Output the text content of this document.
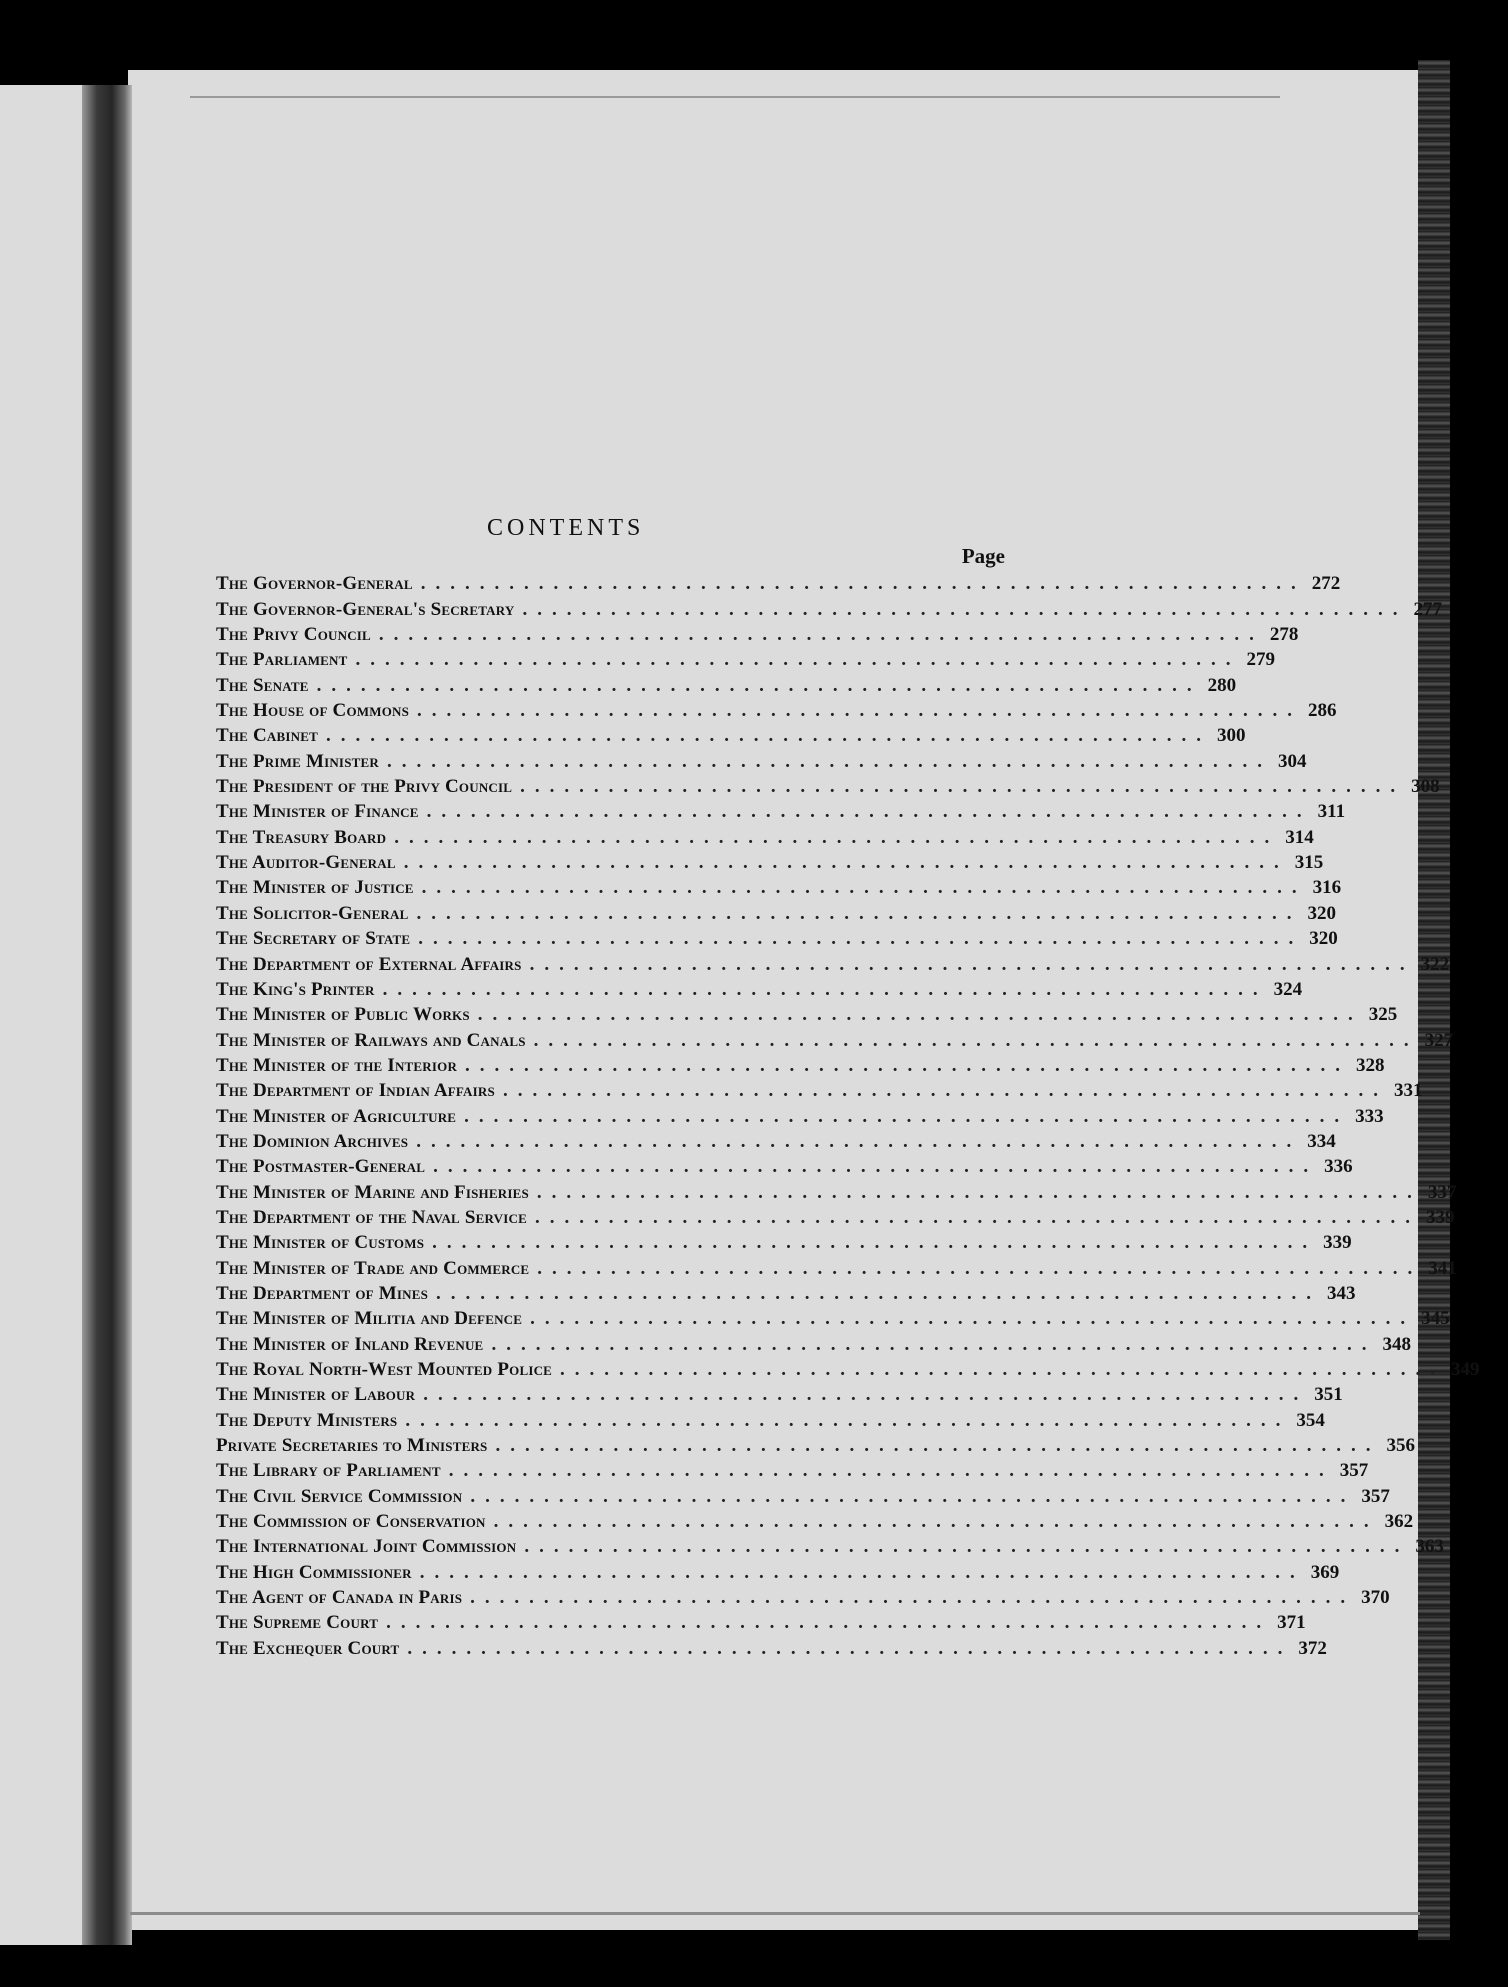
CONTENTS
Page
The Governor-General ............................................................ 272
The Governor-General's Secretary ............................................................ 277
The Privy Council ............................................................ 278
The Parliament ............................................................ 279
The Senate ............................................................ 280
The House of Commons ............................................................ 286
The Cabinet ............................................................ 300
The Prime Minister ............................................................ 304
The President of the Privy Council ............................................................ 308
The Minister of Finance ............................................................ 311
The Treasury Board ............................................................ 314
The Auditor-General ............................................................ 315
The Minister of Justice ............................................................ 316
The Solicitor-General ............................................................ 320
The Secretary of State ............................................................ 320
The Department of External Affairs ............................................................ 322
The King's Printer ............................................................ 324
The Minister of Public Works ............................................................ 325
The Minister of Railways and Canals ............................................................ 327
The Minister of the Interior ............................................................ 328
The Department of Indian Affairs ............................................................ 331
The Minister of Agriculture ............................................................ 333
The Dominion Archives ............................................................ 334
The Postmaster-General ............................................................ 336
The Minister of Marine and Fisheries ............................................................ 337
The Department of the Naval Service ............................................................ 339
The Minister of Customs ............................................................ 339
The Minister of Trade and Commerce ............................................................ 341
The Department of Mines ............................................................ 343
The Minister of Militia and Defence ............................................................ 345
The Minister of Inland Revenue ............................................................ 348
The Royal North-West Mounted Police ............................................................ 349
The Minister of Labour ............................................................ 351
The Deputy Ministers ............................................................ 354
Private Secretaries to Ministers ............................................................ 356
The Library of Parliament ............................................................ 357
The Civil Service Commission ............................................................ 357
The Commission of Conservation ............................................................ 362
The International Joint Commission ............................................................ 363
The High Commissioner ............................................................ 369
The Agent of Canada in Paris ............................................................ 370
The Supreme Court ............................................................ 371
The Exchequer Court ............................................................ 372
